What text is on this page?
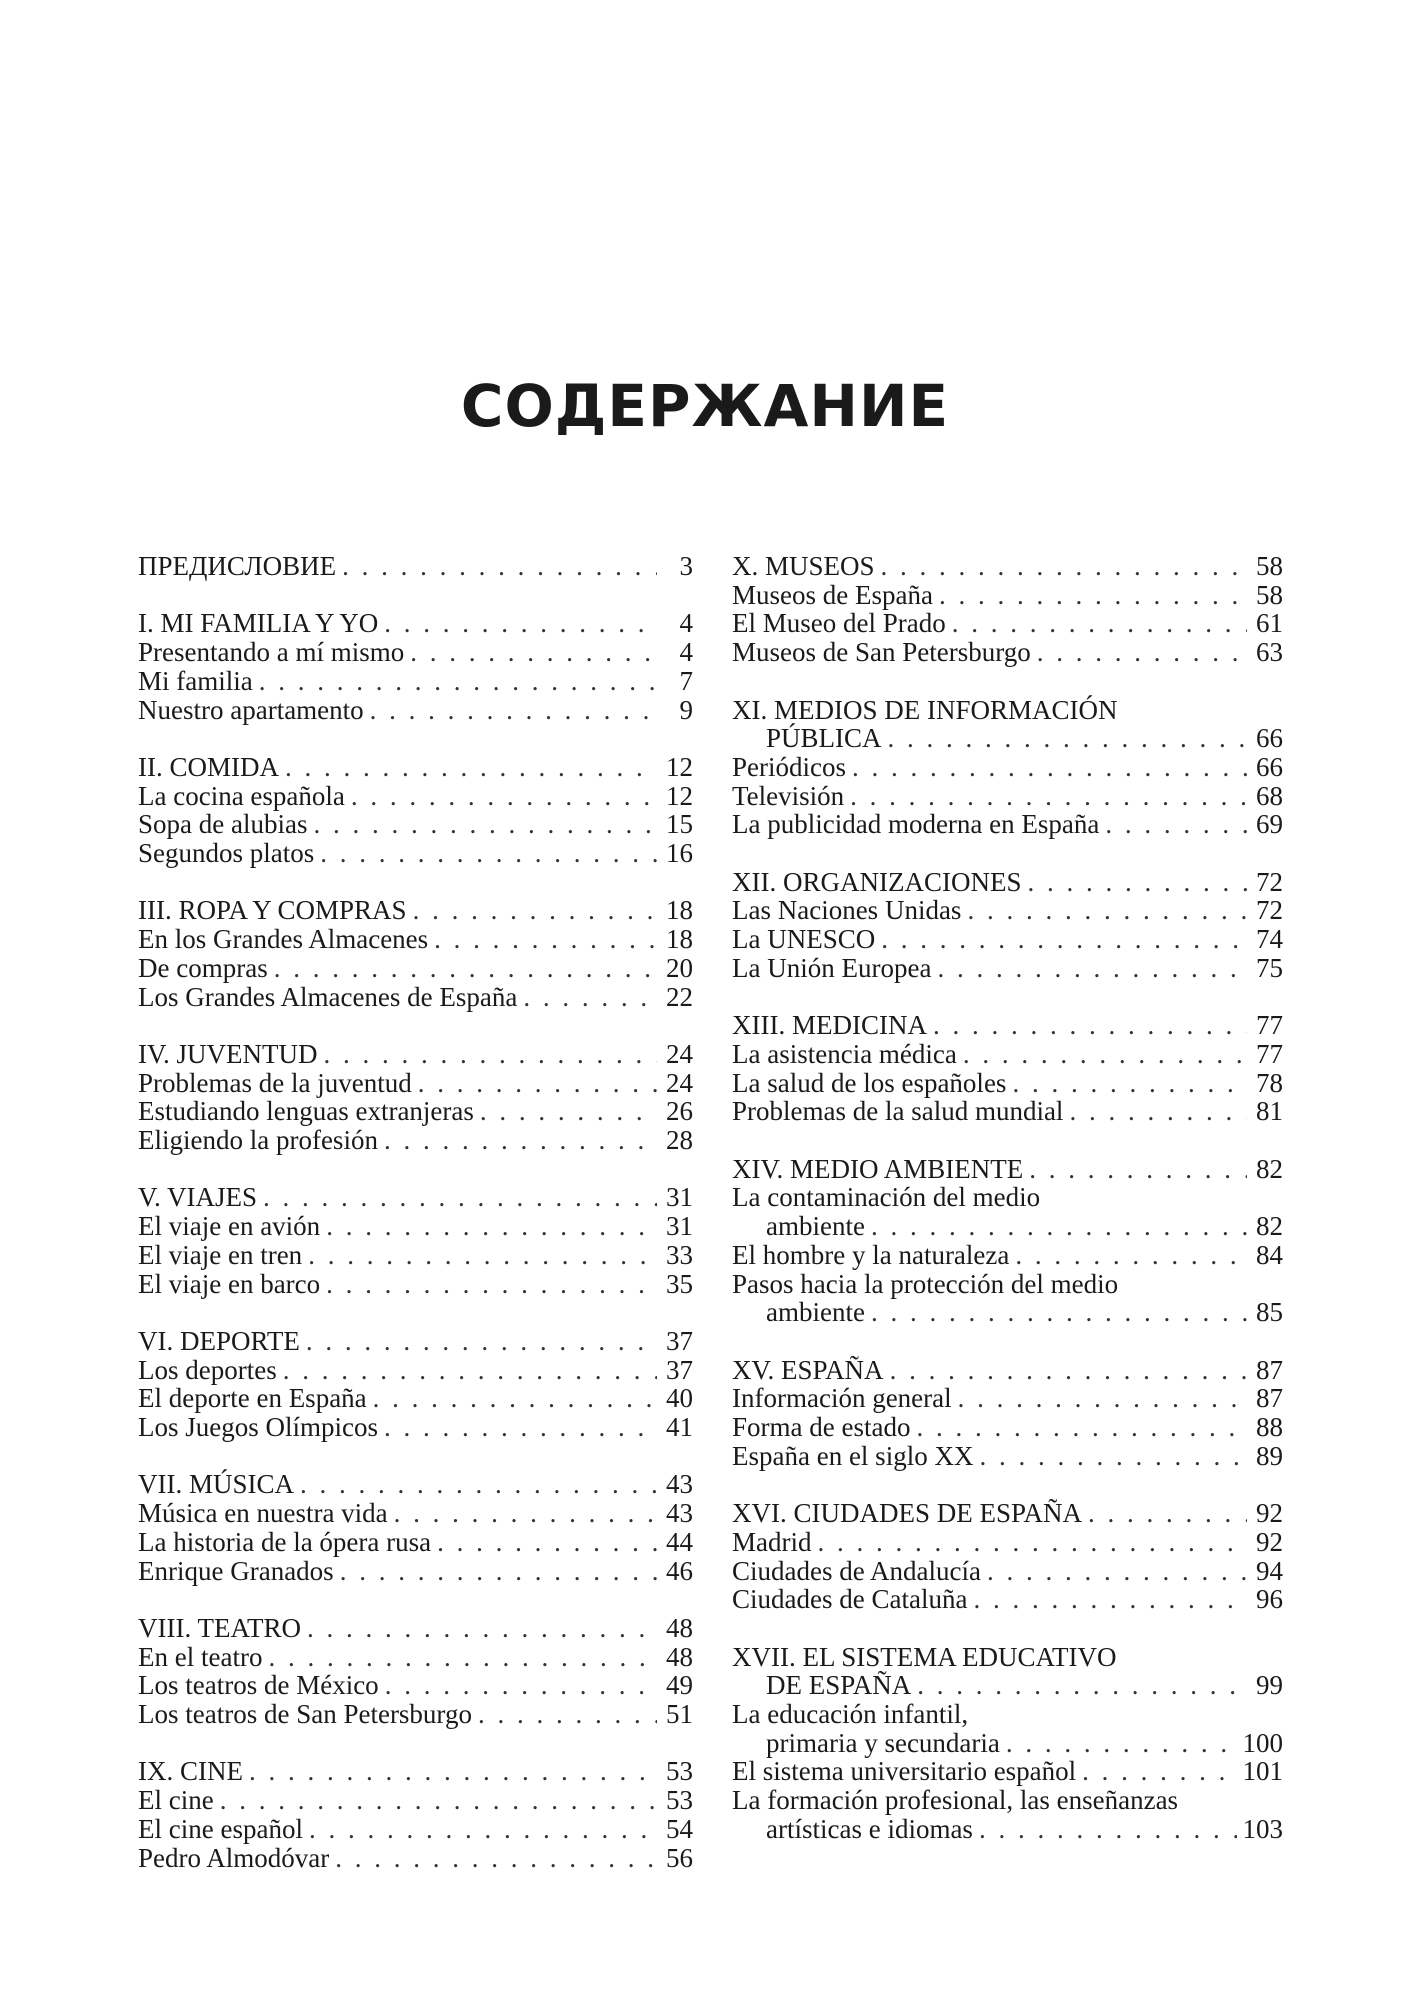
СОДЕРЖАНИЕ
ПРЕДИСЛОВИЕ . . .	3
I. MI FAMILIA Y YO . . .	4
Presentando a mí mismo . . .	4
Mi familia . . .	7
Nuestro apartamento . . .	9
II. COMIDA . . .	12
La cocina española . . .	12
Sopa de alubias . . .	15
Segundos platos . . .	16
III. ROPA Y COMPRAS . . .	18
En los Grandes Almacenes . . .	18
De compras . . .	20
Los Grandes Almacenes de España . . .	22
IV. JUVENTUD . . .	24
Problemas de la juventud . . .	24
Estudiando lenguas extranjeras . . .	26
Eligiendo la profesión . . .	28
V. VIAJES . . .	31
El viaje en avión . . .	31
El viaje en tren . . .	33
El viaje en barco . . .	35
VI. DEPORTE . . .	37
Los deportes . . .	37
El deporte en España . . .	40
Los Juegos Olímpicos . . .	41
VII. MÚSICA . . .	43
Música en nuestra vida . . .	43
La historia de la ópera rusa . . .	44
Enrique Granados . . .	46
VIII. TEATRO . . .	48
En el teatro . . .	48
Los teatros de México . . .	49
Los teatros de San Petersburgo . . .	51
IX. CINE . . .	53
El cine . . .	53
El cine español . . .	54
Pedro Almodóvar . . .	56
X. MUSEOS . . .	58
Museos de España . . .	58
El Museo del Prado . . .	61
Museos de San Petersburgo . . .	63
XI. MEDIOS DE INFORMACIÓN
PÚBLICA . . .	66
Periódicos . . .	66
Televisión . . .	68
La publicidad moderna en España . . .	69
XII. ORGANIZACIONES . . .	72
Las Naciones Unidas . . .	72
La UNESCO . . .	74
La Unión Europea . . .	75
XIII. MEDICINA . . .	77
La asistencia médica . . .	77
La salud de los españoles . . .	78
Problemas de la salud mundial . . .	81
XIV. MEDIO AMBIENTE . . .	82
La contaminación del medio
ambiente . . .	82
El hombre y la naturaleza . . .	84
Pasos hacia la protección del medio
ambiente . . .	85
XV. ESPAÑA . . .	87
Información general . . .	87
Forma de estado . . .	88
España en el siglo XX . . .	89
XVI. CIUDADES DE ESPAÑA . . .	92
Madrid . . .	92
Ciudades de Andalucía . . .	94
Ciudades de Cataluña . . .	96
XVII. EL SISTEMA EDUCATIVO
DE ESPAÑA . . .	99
La educación infantil,
primaria y secundaria . . .	100
El sistema universitario español . . .	101
La formación profesional, las enseñanzas
artísticas e idiomas . . .	103
